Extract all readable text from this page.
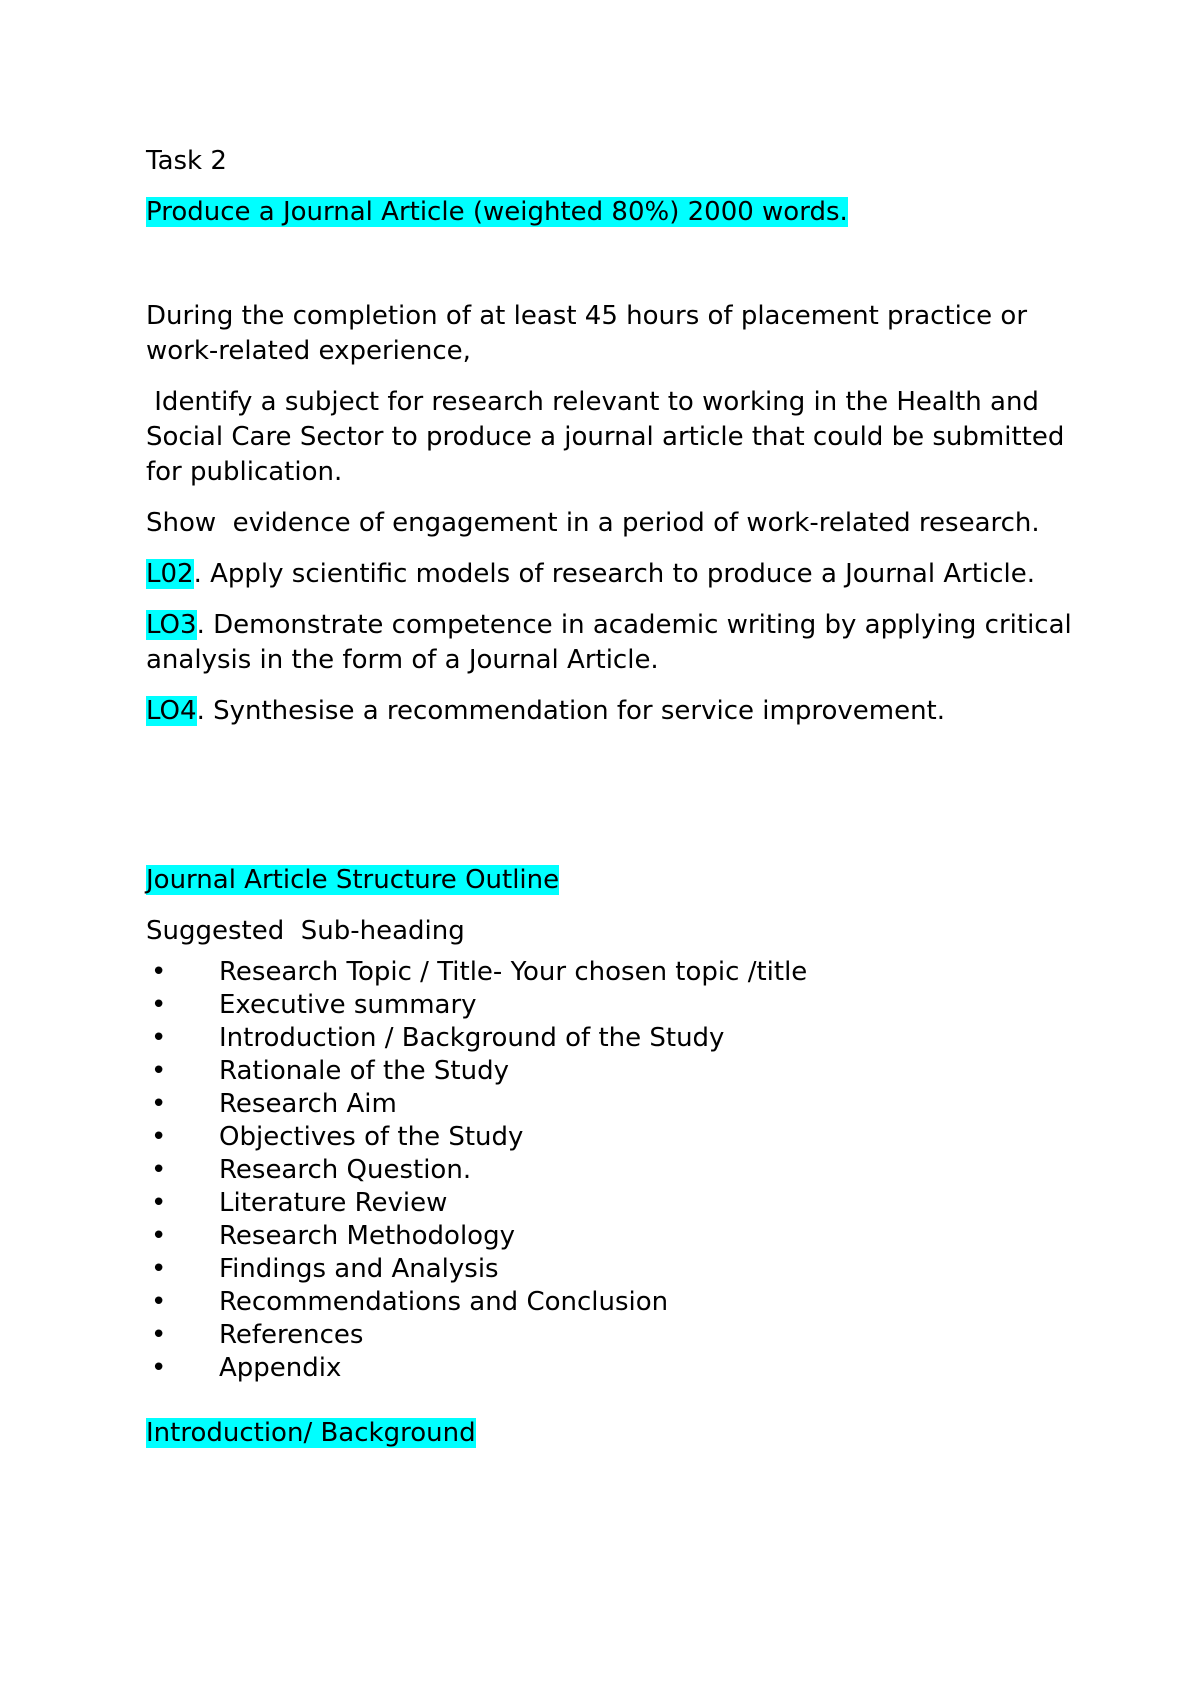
Task 2

Produce a Journal Article (weighted 80%) 2000 words.

During the completion of at least 45 hours of placement practice or work-related experience,

Identify a subject for research relevant to working in the Health and Social Care Sector to produce a journal article that could be submitted for publication.

Show  evidence of engagement in a period of work-related research.

L02. Apply scientific models of research to produce a Journal Article.

LO3. Demonstrate competence in academic writing by applying critical analysis in the form of a Journal Article.

LO4. Synthesise a recommendation for service improvement.

Journal Article Structure Outline

Suggested  Sub-heading

• Research Topic / Title- Your chosen topic /title
• Executive summary
• Introduction / Background of the Study
• Rationale of the Study
• Research Aim
• Objectives of the Study
• Research Question.
• Literature Review
• Research Methodology
• Findings and Analysis
• Recommendations and Conclusion
• References
• Appendix

Introduction/ Background
